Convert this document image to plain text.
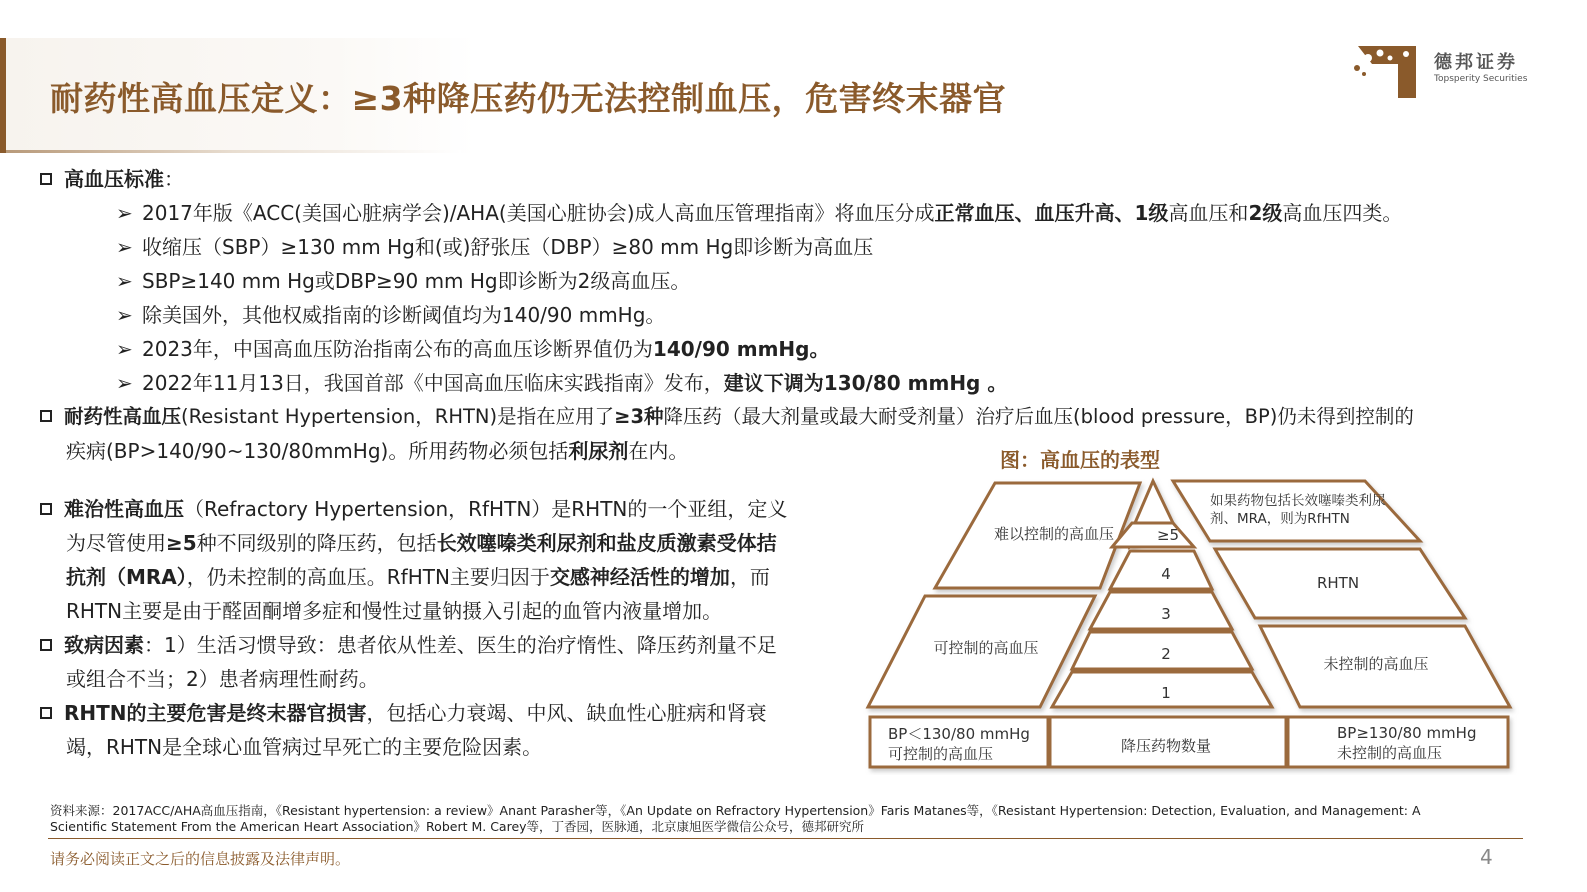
耐药性高血压定义：≥3种降压药仍无法控制血压，危害终末器官
德邦证券
Topsperity Securities
高血压标准：
➢ 2017年版《ACC(美国心脏病学会)/AHA(美国心脏协会)成人高血压管理指南》将血压分成正常血压、血压升高、1级高血压和2级高血压四类。
➢ 收缩压（SBP）≥130 mm Hg和(或)舒张压（DBP）≥80 mm Hg即诊断为高血压
➢ SBP≥140 mm Hg或DBP≥90 mm Hg即诊断为2级高血压。
➢ 除美国外，其他权威指南的诊断阈值均为140/90 mmHg。
➢ 2023年，中国高血压防治指南公布的高血压诊断界值仍为140/90 mmHg。
➢ 2022年11月13日，我国首部《中国高血压临床实践指南》发布，建议下调为130/80 mmHg 。
耐药性高血压(Resistant Hypertension，RHTN)是指在应用了≥3种降压药（最大剂量或最大耐受剂量）治疗后血压(blood pressure，BP)仍未得到控制的
疾病(BP>140/90~130/80mmHg)。所用药物必须包括利尿剂在内。
难治性高血压（Refractory Hypertension，RfHTN）是RHTN的一个亚组，定义
为尽管使用≥5种不同级别的降压药，包括长效噻嗪类利尿剂和盐皮质激素受体拮
抗剂（MRA），仍未控制的高血压。RfHTN主要归因于交感神经活性的增加，而
RHTN主要是由于醛固酮增多症和慢性过量钠摄入引起的血管内液量增加。
致病因素：1）生活习惯导致：患者依从性差、医生的治疗惰性、降压药剂量不足
或组合不当；2）患者病理性耐药。
RHTN的主要危害是终末器官损害，包括心力衰竭、中风、缺血性心脏病和肾衰
竭，RHTN是全球心血管病过早死亡的主要危险因素。
图：高血压的表型
难以控制的高血压
可控制的高血压
如果药物包括长效噻嗪类利尿
剂、MRA，则为RfHTN
RHTN
未控制的高血压
≥5
4
3
2
1
BP＜130/80 mmHg
可控制的高血压	降压药物数量
BP≥130/80 mmHg
未控制的高血压
资料来源：2017ACC/AHA高血压指南，《Resistant hypertension: a review》Anant Parasher等，《An Update on Refractory Hypertension》Faris Matanes等，《Resistant Hypertension: Detection, Evaluation, and Management: A
Scientific Statement From the American Heart Association》Robert M. Carey等，丁香园，医脉通，北京康旭医学微信公众号，德邦研究所
请务必阅读正文之后的信息披露及法律声明。	4
